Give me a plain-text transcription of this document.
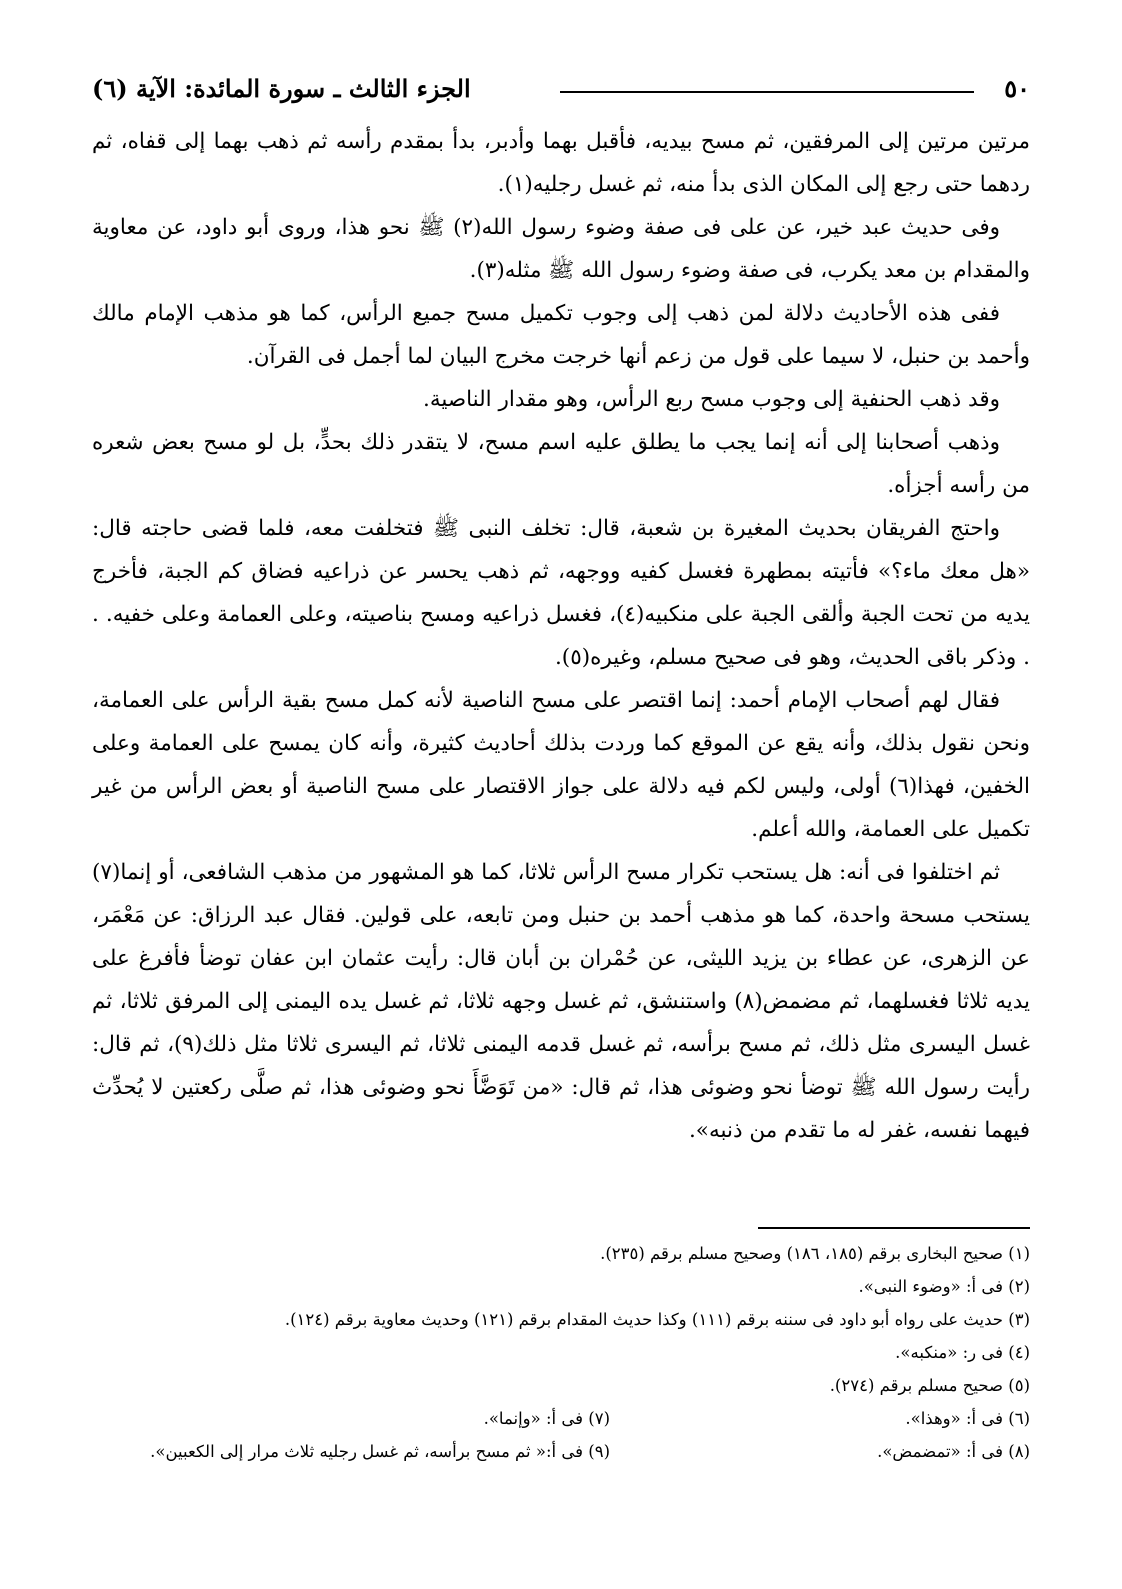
٥٠
الجزء الثالث ـ سورة المائدة: الآية (٦)

مرتين مرتين إلى المرفقين، ثم مسح بيديه، فأقبل بهما وأدبر، بدأ بمقدم رأسه ثم ذهب بهما إلى قفاه، ثم ردهما حتى رجع إلى المكان الذى بدأ منه، ثم غسل رجليه(١).

وفى حديث عبد خير، عن على فى صفة وضوء رسول الله(٢) ﷺ نحو هذا، وروى أبو داود، عن معاوية والمقدام بن معد يكرب، فى صفة وضوء رسول الله ﷺ مثله(٣).

ففى هذه الأحاديث دلالة لمن ذهب إلى وجوب تكميل مسح جميع الرأس، كما هو مذهب الإمام مالك وأحمد بن حنبل، لا سيما على قول من زعم أنها خرجت مخرج البيان لما أجمل فى القرآن.

وقد ذهب الحنفية إلى وجوب مسح ربع الرأس، وهو مقدار الناصية.

وذهب أصحابنا إلى أنه إنما يجب ما يطلق عليه اسم مسح، لا يتقدر ذلك بحدٍّ، بل لو مسح بعض شعره من رأسه أجزأه.

واحتج الفريقان بحديث المغيرة بن شعبة، قال: تخلف النبى ﷺ فتخلفت معه، فلما قضى حاجته قال: «هل معك ماء؟» فأتيته بمطهرة فغسل كفيه ووجهه، ثم ذهب يحسر عن ذراعيه فضاق كم الجبة، فأخرج يديه من تحت الجبة وألقى الجبة على منكبيه(٤)، فغسل ذراعيه ومسح بناصيته، وعلى العمامة وعلى خفيه. . . وذكر باقى الحديث، وهو فى صحيح مسلم، وغيره(٥).

فقال لهم أصحاب الإمام أحمد: إنما اقتصر على مسح الناصية لأنه كمل مسح بقية الرأس على العمامة، ونحن نقول بذلك، وأنه يقع عن الموقع كما وردت بذلك أحاديث كثيرة، وأنه كان يمسح على العمامة وعلى الخفين، فهذا(٦) أولى، وليس لكم فيه دلالة على جواز الاقتصار على مسح الناصية أو بعض الرأس من غير تكميل على العمامة، والله أعلم.

ثم اختلفوا فى أنه: هل يستحب تكرار مسح الرأس ثلاثا، كما هو المشهور من مذهب الشافعى، أو إنما(٧) يستحب مسحة واحدة، كما هو مذهب أحمد بن حنبل ومن تابعه، على قولين. فقال عبد الرزاق: عن مَعْمَر، عن الزهرى، عن عطاء بن يزيد الليثى، عن حُمْران بن أبان قال: رأيت عثمان ابن عفان توضأ فأفرغ على يديه ثلاثا فغسلهما، ثم مضمض(٨) واستنشق، ثم غسل وجهه ثلاثا، ثم غسل يده اليمنى إلى المرفق ثلاثا، ثم غسل اليسرى مثل ذلك، ثم مسح برأسه، ثم غسل قدمه اليمنى ثلاثا، ثم اليسرى ثلاثا مثل ذلك(٩)، ثم قال: رأيت رسول الله ﷺ توضأ نحو وضوئى هذا، ثم قال: «من تَوَضَّأَ نحو وضوئى هذا، ثم صلَّى ركعتين لا يُحدِّث فيهما نفسه، غفر له ما تقدم من ذنبه».

(١) صحيح البخارى برقم (١٨٥، ١٨٦) وصحيح مسلم برقم (٢٣٥).
(٢) فى أ: «وضوء النبى».
(٣) حديث على رواه أبو داود فى سننه برقم (١١١) وكذا حديث المقدام برقم (١٢١) وحديث معاوية برقم (١٢٤).
(٤) فى ر: «منكبه».
(٥) صحيح مسلم برقم (٢٧٤).
(٦) فى أ: «وهذا».
(٧) فى أ: «وإنما».
(٨) فى أ: «تمضمض».
(٩) فى أ:« ثم مسح برأسه، ثم غسل رجليه ثلاث مرار إلى الكعبين».
